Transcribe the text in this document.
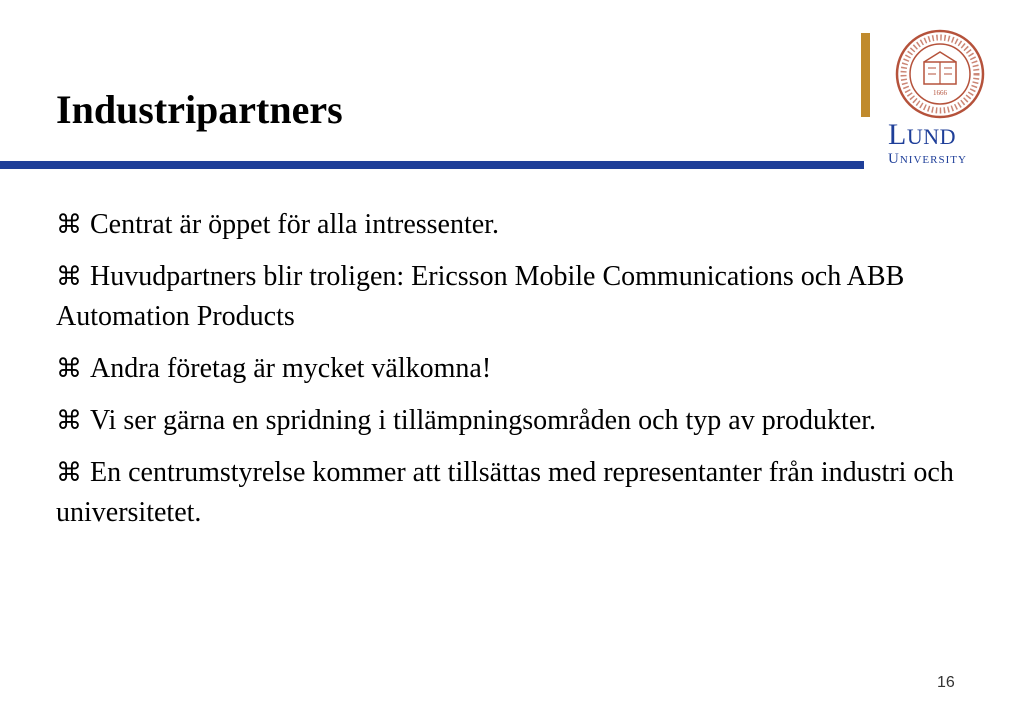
Industripartners	1666
LUND
UNIVERSITY
⌘ Centrat är öppet för alla intressenter.
⌘ Huvudpartners blir troligen: Ericsson Mobile Communications och ABB Automation Products
⌘ Andra företag är mycket välkomna!
⌘ Vi ser gärna en spridning i tillämpningsområden och typ av produkter.
⌘ En centrumstyrelse kommer att tillsättas med representanter från industri och universitetet.
16
